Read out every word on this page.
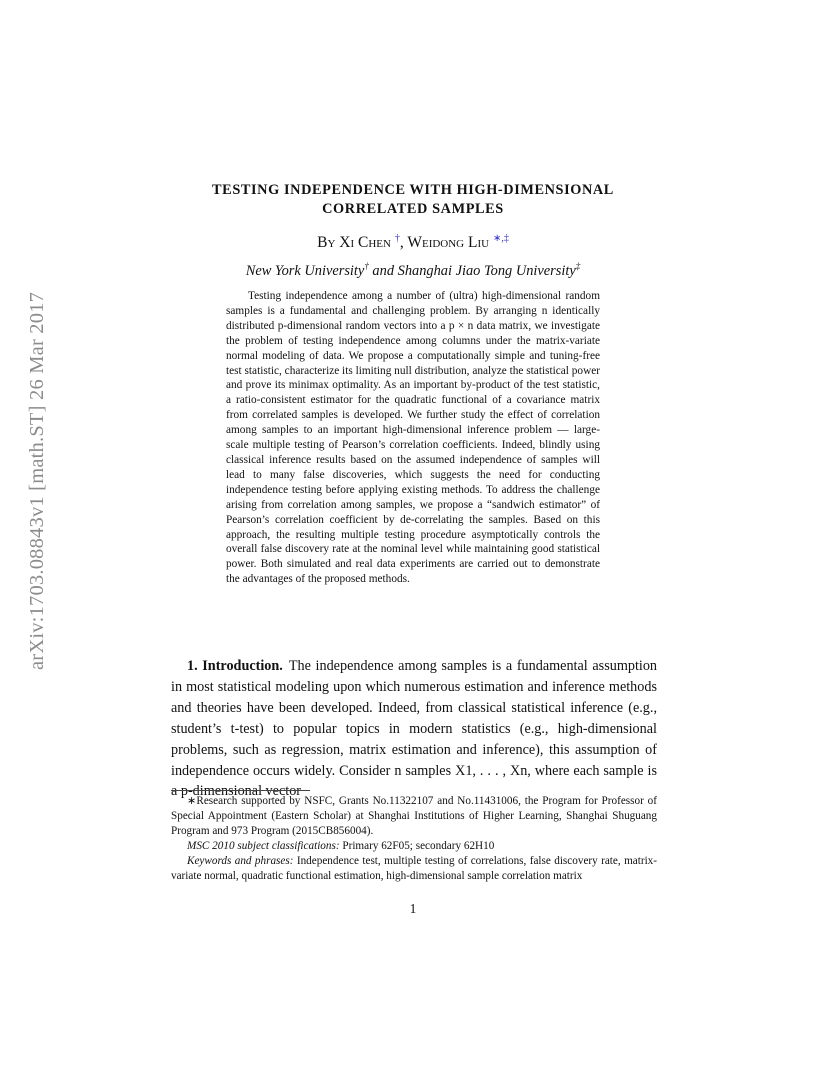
arXiv:1703.08843v1 [math.ST] 26 Mar 2017
TESTING INDEPENDENCE WITH HIGH-DIMENSIONAL
CORRELATED SAMPLES
By Xi Chen †, Weidong Liu ∗,‡
New York University† and Shanghai Jiao Tong University‡
Testing independence among a number of (ultra) high-dimensional random samples is a fundamental and challenging problem. By arranging n identically distributed p-dimensional random vectors into a p × n data matrix, we investigate the problem of testing independence among columns under the matrix-variate normal modeling of data. We propose a computationally simple and tuning-free test statistic, characterize its limiting null distribution, analyze the statistical power and prove its minimax optimality. As an important by-product of the test statistic, a ratio-consistent estimator for the quadratic functional of a covariance matrix from correlated samples is developed. We further study the effect of correlation among samples to an important high-dimensional inference problem — large-scale multiple testing of Pearson’s correlation coefficients. Indeed, blindly using classical inference results based on the assumed independence of samples will lead to many false discoveries, which suggests the need for conducting independence testing before applying existing methods. To address the challenge arising from correlation among samples, we propose a “sandwich estimator” of Pearson’s correlation coefficient by de-correlating the samples. Based on this approach, the resulting multiple testing procedure asymptotically controls the overall false discovery rate at the nominal level while maintaining good statistical power. Both simulated and real data experiments are carried out to demonstrate the advantages of the proposed methods.
1. Introduction. The independence among samples is a fundamental assumption in most statistical modeling upon which numerous estimation and inference methods and theories have been developed. Indeed, from classical statistical inference (e.g., student’s t-test) to popular topics in modern statistics (e.g., high-dimensional problems, such as regression, matrix estimation and inference), this assumption of independence occurs widely. Consider n samples X1, . . . , Xn, where each sample is a p-dimensional vector

∗Research supported by NSFC, Grants No.11322107 and No.11431006, the Program for Professor of Special Appointment (Eastern Scholar) at Shanghai Institutions of Higher Learning, Shanghai Shuguang Program and 973 Program (2015CB856004).

MSC 2010 subject classifications: Primary 62F05; secondary 62H10

Keywords and phrases: Independence test, multiple testing of correlations, false discovery rate, matrix-variate normal, quadratic functional estimation, high-dimensional sample correlation matrix

1
